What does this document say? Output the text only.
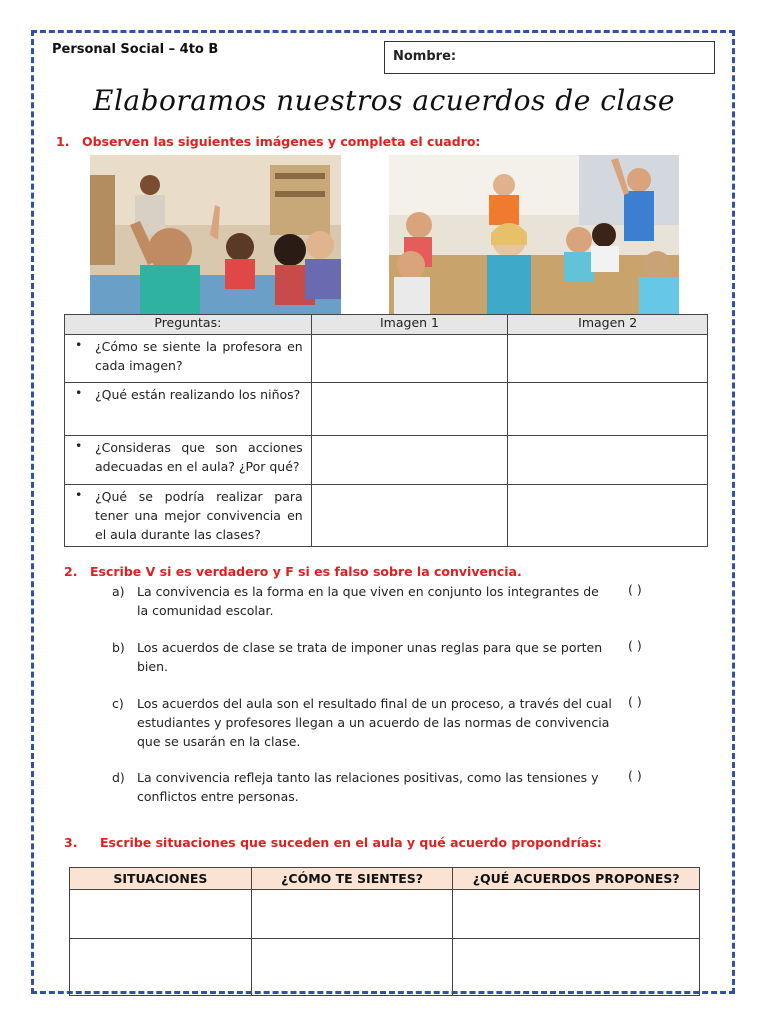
Personal Social – 4to B	Nombre:
Elaboramos nuestros acuerdos de clase
1. Observen las siguientes imágenes y completa el cuadro:
Preguntas:	Imagen 1	Imagen 2

• ¿Cómo se siente la profesora en cada imagen?		

• ¿Qué están realizando los niños?		

• ¿Consideras que son acciones adecuadas en el aula? ¿Por qué?		

• ¿Qué se podría realizar para tener una mejor convivencia en el aula durante las clases?		

2. Escribe V si es verdadero y F si es falso sobre la convivencia.
a) La convivencia es la forma en la que viven en conjunto los integrantes de la comunidad escolar.
( )
b) Los acuerdos de clase se trata de imponer unas reglas para que se porten bien.
( )
c)	Los acuerdos del aula son el resultado final de un proceso, a través del cual estudiantes y profesores llegan a un acuerdo de las normas de convivencia que se usarán en la clase.
( )
d) La convivencia refleja tanto las relaciones positivas, como las tensiones y conflictos entre personas.
( )
3. Escribe situaciones que suceden en el aula y qué acuerdo propondrías:
SITUACIONES	¿CÓMO TE SIENTES?	¿QUÉ ACUERDOS PROPONES?
